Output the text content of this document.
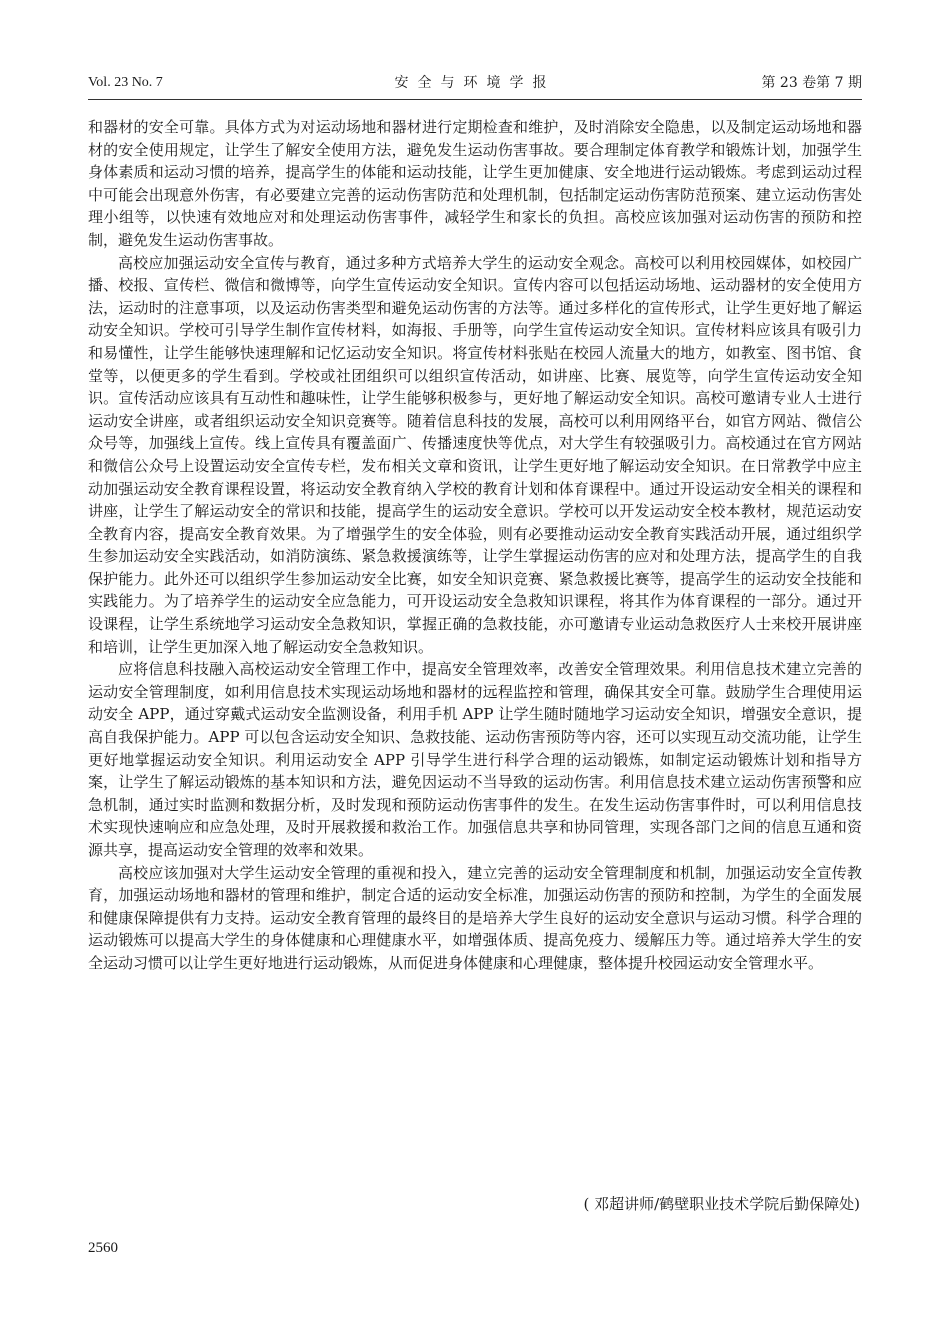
Vol. 23 No. 7	安全与环境学报	第 23 卷第 7 期

和器材的安全可靠。具体方式为对运动场地和器材进行定期检查和维护，及时消除安全隐患，以及制定运动场地和器材的安全使用规定，让学生了解安全使用方法，避免发生运动伤害事故。要合理制定体育教学和锻炼计划，加强学生身体素质和运动习惯的培养，提高学生的体能和运动技能，让学生更加健康、安全地进行运动锻炼。考虑到运动过程中可能会出现意外伤害，有必要建立完善的运动伤害防范和处理机制，包括制定运动伤害防范预案、建立运动伤害处理小组等，以快速有效地应对和处理运动伤害事件，减轻学生和家长的负担。高校应该加强对运动伤害的预防和控制，避免发生运动伤害事故。

高校应加强运动安全宣传与教育，通过多种方式培养大学生的运动安全观念。高校可以利用校园媒体，如校园广播、校报、宣传栏、微信和微博等，向学生宣传运动安全知识。宣传内容可以包括运动场地、运动器材的安全使用方法，运动时的注意事项，以及运动伤害类型和避免运动伤害的方法等。通过多样化的宣传形式，让学生更好地了解运动安全知识。学校可引导学生制作宣传材料，如海报、手册等，向学生宣传运动安全知识。宣传材料应该具有吸引力和易懂性，让学生能够快速理解和记忆运动安全知识。将宣传材料张贴在校园人流量大的地方，如教室、图书馆、食堂等，以便更多的学生看到。学校或社团组织可以组织宣传活动，如讲座、比赛、展览等，向学生宣传运动安全知识。宣传活动应该具有互动性和趣味性，让学生能够积极参与，更好地了解运动安全知识。高校可邀请专业人士进行运动安全讲座，或者组织运动安全知识竞赛等。随着信息科技的发展，高校可以利用网络平台，如官方网站、微信公众号等，加强线上宣传。线上宣传具有覆盖面广、传播速度快等优点，对大学生有较强吸引力。高校通过在官方网站和微信公众号上设置运动安全宣传专栏，发布相关文章和资讯，让学生更好地了解运动安全知识。在日常教学中应主动加强运动安全教育课程设置，将运动安全教育纳入学校的教育计划和体育课程中。通过开设运动安全相关的课程和讲座，让学生了解运动安全的常识和技能，提高学生的运动安全意识。学校可以开发运动安全校本教材，规范运动安全教育内容，提高安全教育效果。为了增强学生的安全体验，则有必要推动运动安全教育实践活动开展，通过组织学生参加运动安全实践活动，如消防演练、紧急救援演练等，让学生掌握运动伤害的应对和处理方法，提高学生的自我保护能力。此外还可以组织学生参加运动安全比赛，如安全知识竞赛、紧急救援比赛等，提高学生的运动安全技能和实践能力。为了培养学生的运动安全应急能力，可开设运动安全急救知识课程，将其作为体育课程的一部分。通过开设课程，让学生系统地学习运动安全急救知识，掌握正确的急救技能，亦可邀请专业运动急救医疗人士来校开展讲座和培训，让学生更加深入地了解运动安全急救知识。

应将信息科技融入高校运动安全管理工作中，提高安全管理效率，改善安全管理效果。利用信息技术建立完善的运动安全管理制度，如利用信息技术实现运动场地和器材的远程监控和管理，确保其安全可靠。鼓励学生合理使用运动安全 APP，通过穿戴式运动安全监测设备，利用手机 APP 让学生随时随地学习运动安全知识，增强安全意识，提高自我保护能力。APP 可以包含运动安全知识、急救技能、运动伤害预防等内容，还可以实现互动交流功能，让学生更好地掌握运动安全知识。利用运动安全 APP 引导学生进行科学合理的运动锻炼，如制定运动锻炼计划和指导方案，让学生了解运动锻炼的基本知识和方法，避免因运动不当导致的运动伤害。利用信息技术建立运动伤害预警和应急机制，通过实时监测和数据分析，及时发现和预防运动伤害事件的发生。在发生运动伤害事件时，可以利用信息技术实现快速响应和应急处理，及时开展救援和救治工作。加强信息共享和协同管理，实现各部门之间的信息互通和资源共享，提高运动安全管理的效率和效果。

高校应该加强对大学生运动安全管理的重视和投入，建立完善的运动安全管理制度和机制，加强运动安全宣传教育，加强运动场地和器材的管理和维护，制定合适的运动安全标准，加强运动伤害的预防和控制，为学生的全面发展和健康保障提供有力支持。运动安全教育管理的最终目的是培养大学生良好的运动安全意识与运动习惯。科学合理的运动锻炼可以提高大学生的身体健康和心理健康水平，如增强体质、提高免疫力、缓解压力等。通过培养大学生的安全运动习惯可以让学生更好地进行运动锻炼，从而促进身体健康和心理健康，整体提升校园运动安全管理水平。

( 邓超讲师/鹤壁职业技术学院后勤保障处)
2560
